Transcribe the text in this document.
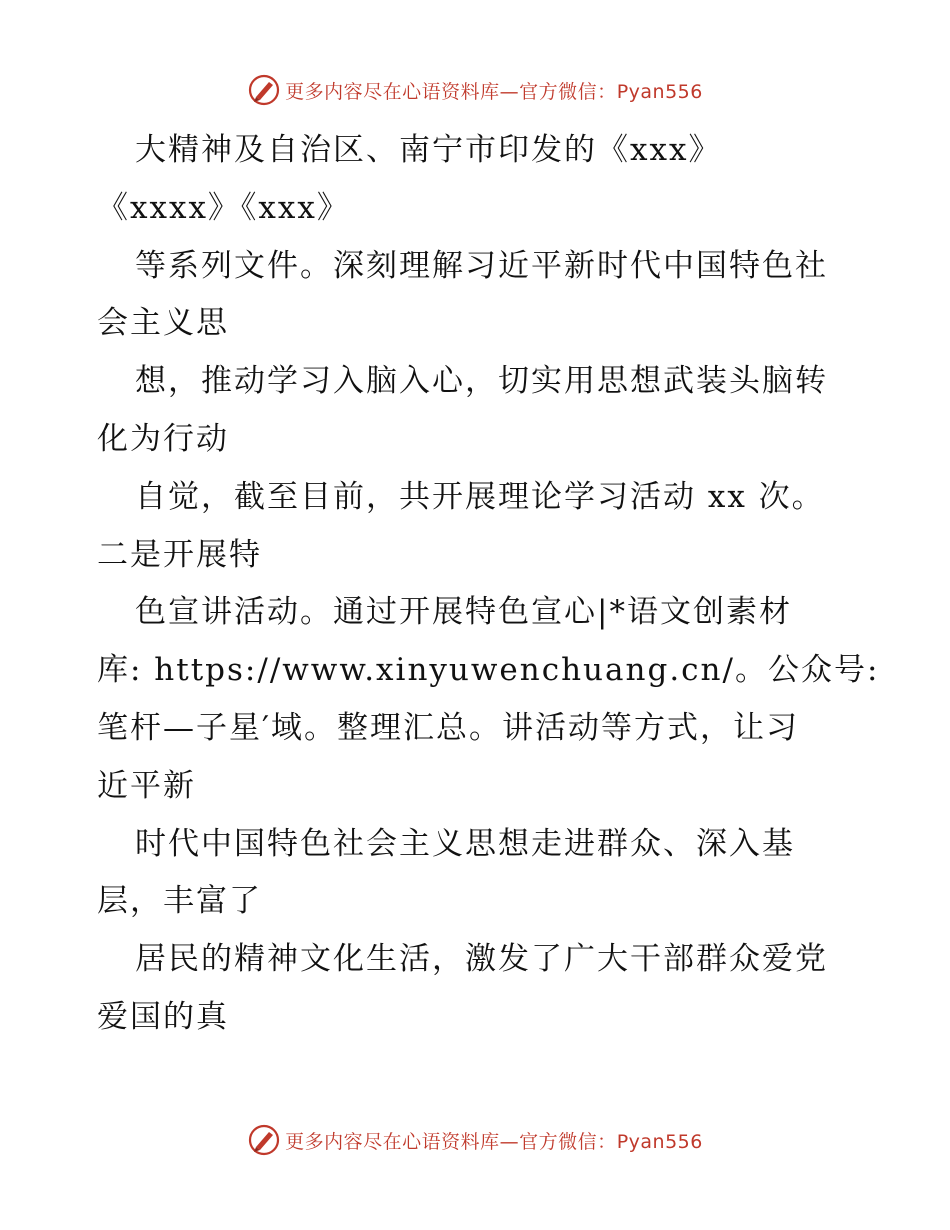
更多内容尽在心语资料库—官方微信：Pyan556
大精神及自治区、南宁市印发的《xxx》
《xxxx》《xxx》
等系列文件。深刻理解习近平新时代中国特色社
会主义思
想，推动学习入脑入心，切实用思想武装头脑转
化为行动
自觉，截至目前，共开展理论学习活动 xx 次。
二是开展特
色宣讲活动。通过开展特色宣心|*语文创素材
库: https://www.xinyuwenchuang.cn/。公众号:
笔杆—子星′域。整理汇总。讲活动等方式，让习
近平新
时代中国特色社会主义思想走进群众、深入基
层，丰富了
居民的精神文化生活，激发了广大干部群众爱党
爱国的真
更多内容尽在心语资料库—官方微信：Pyan556
